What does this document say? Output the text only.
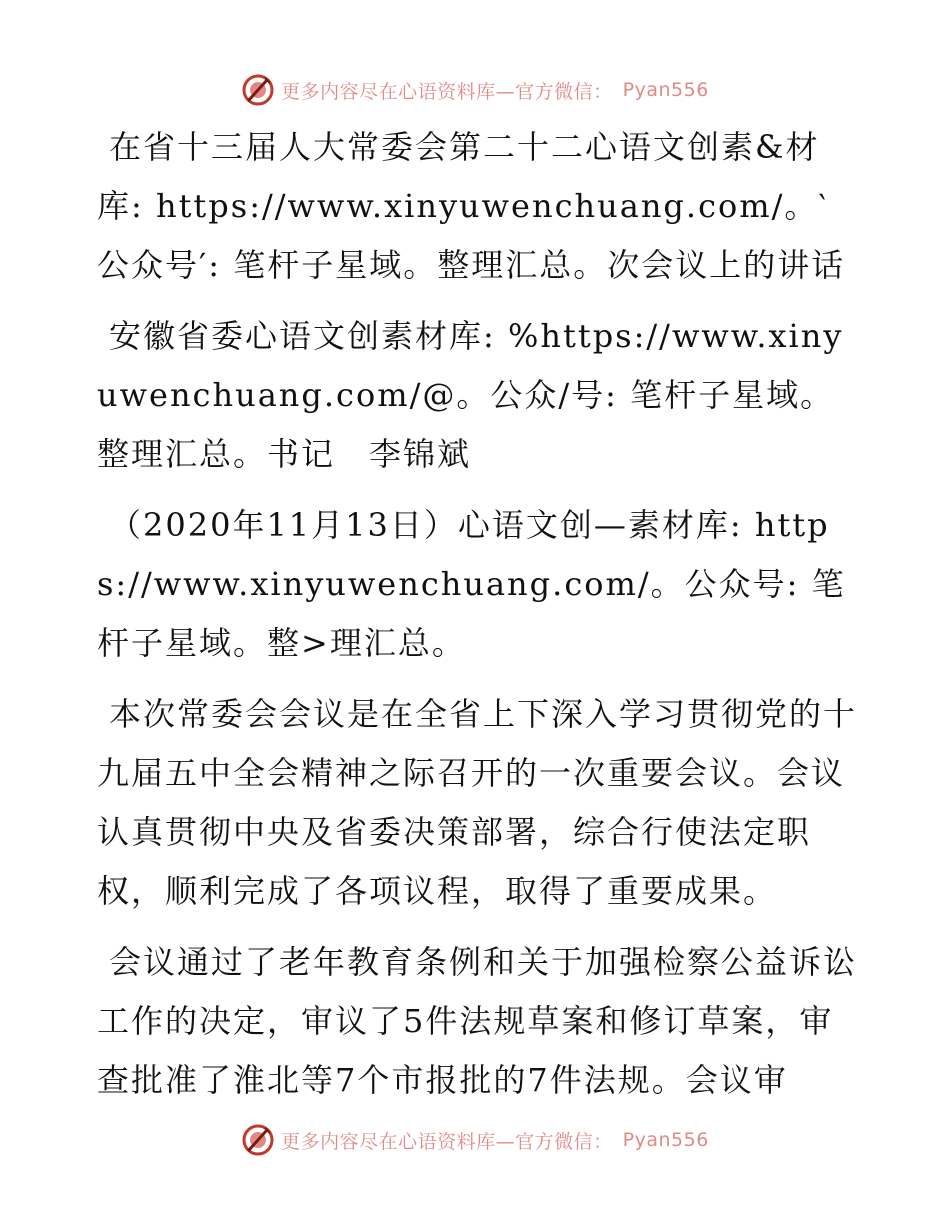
更多内容尽在心语资料库—官方微信： Pyan556

在省十三届人大常委会第二十二心语文创素&材库: https://www.xinyuwenchuang.com/。‵公众号′: 笔杆子星域。整理汇总。次会议上的讲话

安徽省委心语文创素材库: %https://www.xinyuwenchuang.com/@。公众/号: 笔杆子星域。整理汇总。书记　李锦斌

（2020年11月13日）心语文创—素材库: https://www.xinyuwenchuang.com/。公众号: 笔杆子星域。整>理汇总。

本次常委会会议是在全省上下深入学习贯彻党的十九届五中全会精神之际召开的一次重要会议。会议认真贯彻中央及省委决策部署，综合行使法定职权，顺利完成了各项议程，取得了重要成果。

会议通过了老年教育条例和关于加强检察公益诉讼工作的决定，审议了5件法规草案和修订草案，审查批准了淮北等7个市报批的7件法规。会议审

更多内容尽在心语资料库—官方微信： Pyan556
